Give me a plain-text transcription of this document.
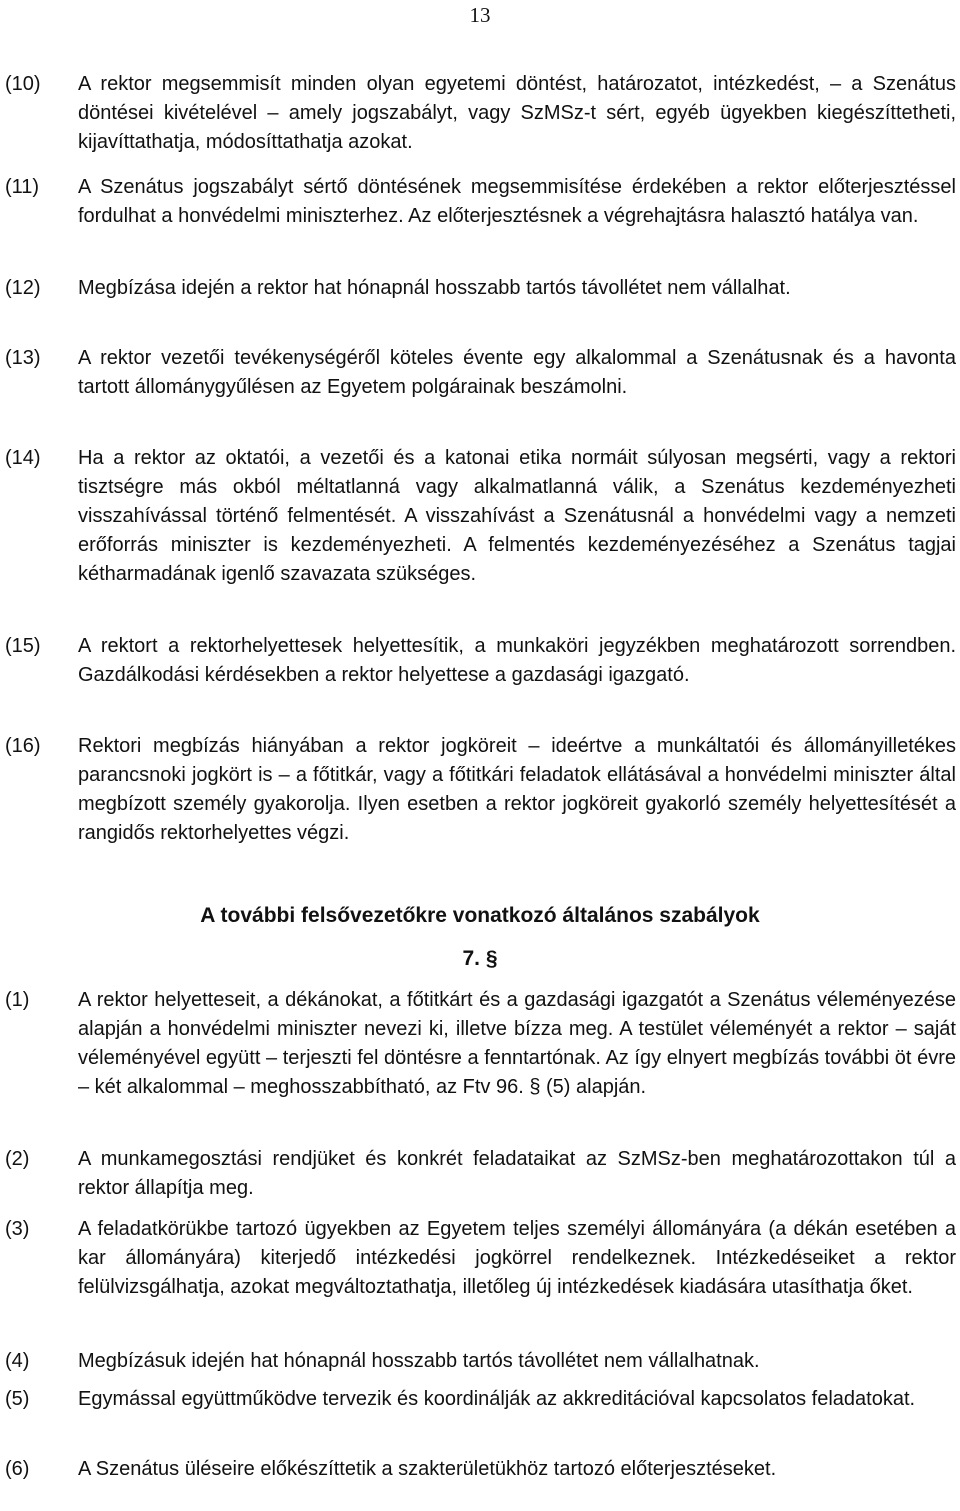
13
(10) A rektor megsemmisít minden olyan egyetemi döntést, határozatot, intézkedést, – a Szenátus döntései kivételével – amely jogszabályt, vagy SzMSz-t sért, egyéb ügyekben kiegészíttetheti, kijavíttathatja, módosíttathatja azokat.
(11) A Szenátus jogszabályt sértő döntésének megsemmisítése érdekében a rektor előterjesztéssel fordulhat a honvédelmi miniszterhez. Az előterjesztésnek a végrehajtásra halasztó hatálya van.
(12) Megbízása idején a rektor hat hónapnál hosszabb tartós távollétet nem vállalhat.
(13) A rektor vezetői tevékenységéről köteles évente egy alkalommal a Szenátusnak és a havonta tartott állománygyűlésen az Egyetem polgárainak beszámolni.
(14) Ha a rektor az oktatói, a vezetői és a katonai etika normáit súlyosan megsérti, vagy a rektori tisztségre más okból méltatlanná vagy alkalmatlanná válik, a Szenátus kezdeményezheti visszahívással történő felmentését. A visszahívást a Szenátusnál a honvédelmi vagy a nemzeti erőforrás miniszter is kezdeményezheti. A felmentés kezdeményezéséhez a Szenátus tagjai kétharmadának igenlő szavazata szükséges.
(15) A rektort a rektorhelyettesek helyettesítik, a munkaköri jegyzékben meghatározott sorrendben. Gazdálkodási kérdésekben a rektor helyettese a gazdasági igazgató.
(16) Rektori megbízás hiányában a rektor jogköreit – ideértve a munkáltatói és állományilletékes parancsnoki jogkört is – a főtitkár, vagy a főtitkári feladatok ellátásával a honvédelmi miniszter által megbízott személy gyakorolja. Ilyen esetben a rektor jogköreit gyakorló személy helyettesítését a rangidős rektorhelyettes végzi.
A további felsővezetőkre vonatkozó általános szabályok
7. §
(1) A rektor helyetteseit, a dékánokat, a főtitkárt és a gazdasági igazgatót a Szenátus véleményezése alapján a honvédelmi miniszter nevezi ki, illetve bízza meg. A testület véleményét a rektor – saját véleményével együtt – terjeszti fel döntésre a fenntartónak. Az így elnyert megbízás további öt évre – két alkalommal – meghosszabbítható, az Ftv 96. § (5) alapján.
(2) A munkamegosztási rendjüket és konkrét feladataikat az SzMSz-ben meghatározottakon túl a rektor állapítja meg.
(3) A feladatkörükbe tartozó ügyekben az Egyetem teljes személyi állományára (a dékán esetében a kar állományára) kiterjedő intézkedési jogkörrel rendelkeznek. Intézkedéseiket a rektor felülvizsgálhatja, azokat megváltoztathatja, illetőleg új intézkedések kiadására utasíthatja őket.
(4) Megbízásuk idején hat hónapnál hosszabb tartós távollétet nem vállalhatnak.
(5) Egymással együttműködve tervezik és koordinálják az akkreditációval kapcsolatos feladatokat.
(6) A Szenátus üléseire előkészíttetik a szakterületükhöz tartozó előterjesztéseket.
